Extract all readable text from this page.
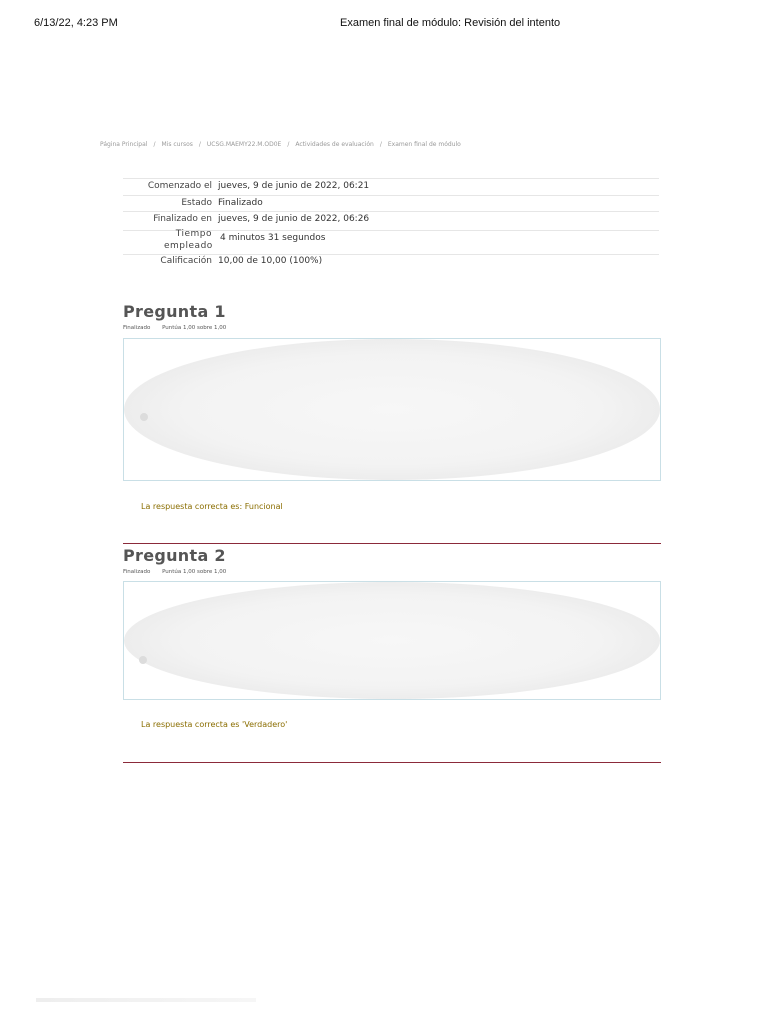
6/13/22, 4:23 PM	Examen final de módulo: Revisión del intento
Página Principal / Mis cursos / UCSG.MAEMY22.M.OD0E / Actividades de evaluación / Examen final de módulo
Comenzado el jueves, 9 de junio de 2022, 06:21
Estado Finalizado
Finalizado en jueves, 9 de junio de 2022, 06:26
Tiempo empleado
4 minutos 31 segundos
Calificación 10,00 de 10,00 (100%)
Pregunta 1
Finalizado Puntúa 1,00 sobre 1,00
La respuesta correcta es: Funcional
Pregunta 2
Finalizado Puntúa 1,00 sobre 1,00
La respuesta correcta es 'Verdadero'
